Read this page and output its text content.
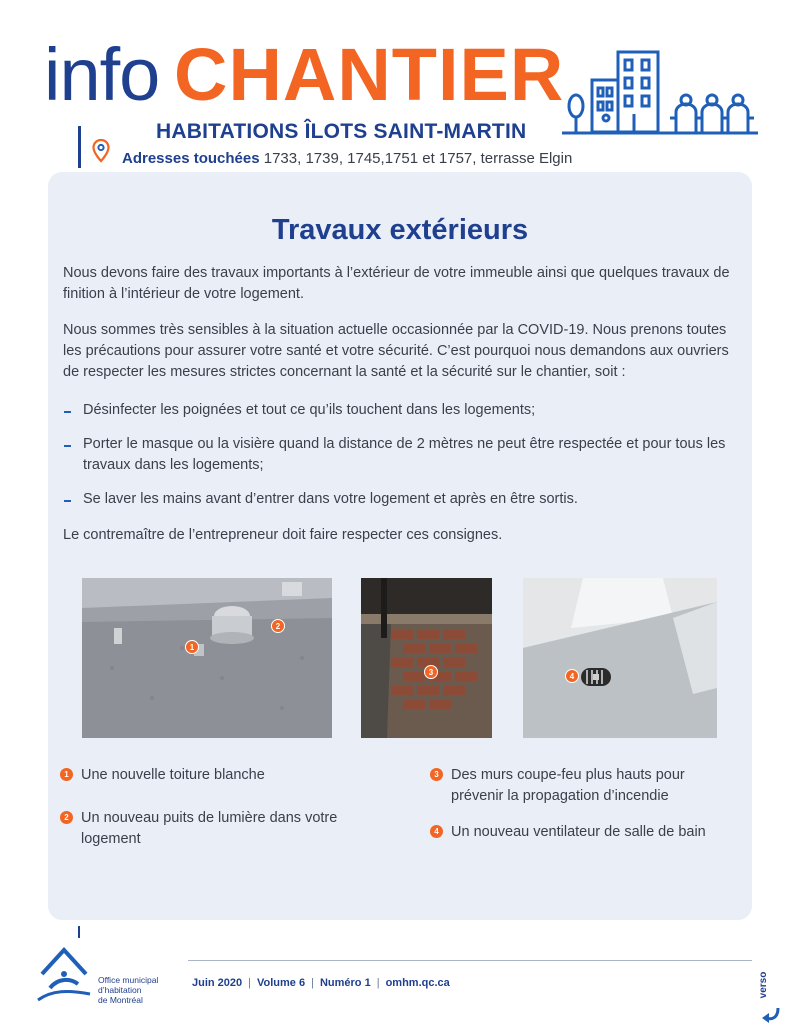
info CHANTIER
HABITATIONS ÎLOTS SAINT-MARTIN
Adresses touchées 1733, 1739, 1745,1751 et 1757, terrasse Elgin
Travaux extérieurs
Nous devons faire des travaux importants à l’extérieur de votre immeuble ainsi que quelques travaux de finition à l’intérieur de votre logement.
Nous sommes très sensibles à la situation actuelle occasionnée par la COVID-19. Nous prenons toutes les précautions pour assurer votre santé et votre sécurité. C’est pourquoi nous demandons aux ouvriers de respecter les mesures strictes concernant la santé et la sécurité sur le chantier, soit :
Désinfecter les poignées et tout ce qu’ils touchent dans les logements;
Porter le masque ou la visière quand la distance de 2 mètres ne peut être respectée et pour tous les travaux dans les logements;
Se laver les mains avant d’entrer dans votre logement et après en être sortis.
Le contremaître de l’entrepreneur doit faire respecter ces consignes.
1
2
3	4
1 Une nouvelle toiture blanche
2 Un nouveau puits de lumière dans votre logement
3 Des murs coupe-feu plus hauts pour prévenir la propagation d’incendie
4 Un nouveau ventilateur de salle de bain
Office municipal
d’habitation
de Montréal
Juin 2020 | Volume 6 | Numéro 1 | omhm.qc.ca	verso
